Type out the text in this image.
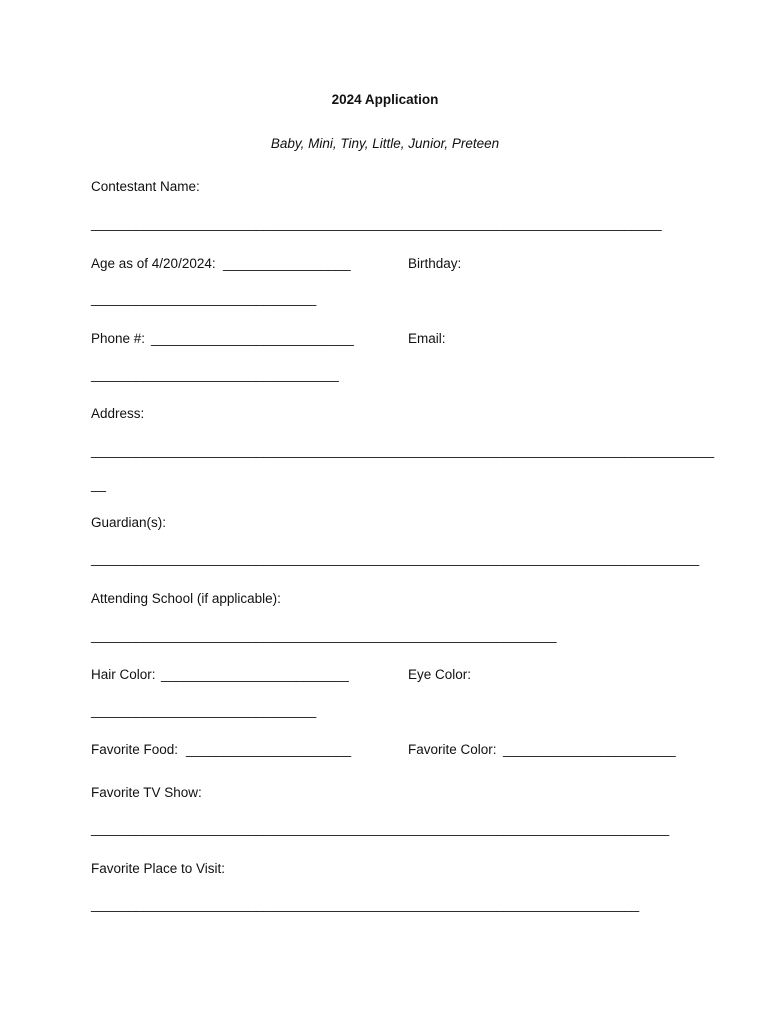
2024 Application
Baby, Mini, Tiny, Little, Junior, Preteen
Contestant Name:
____________________________________________________________________________
Age as of 4/20/2024: _________________	Birthday:
______________________________
Phone #: ___________________________	Email:
_________________________________
Address:
___________________________________________________________________________________
__
Guardian(s):
_________________________________________________________________________________
Attending School (if applicable):
______________________________________________________________
Hair Color: _________________________	Eye Color:
______________________________
Favorite Food: ______________________	Favorite Color: _______________________
Favorite TV Show:
_____________________________________________________________________________
Favorite Place to Visit:
_________________________________________________________________________
